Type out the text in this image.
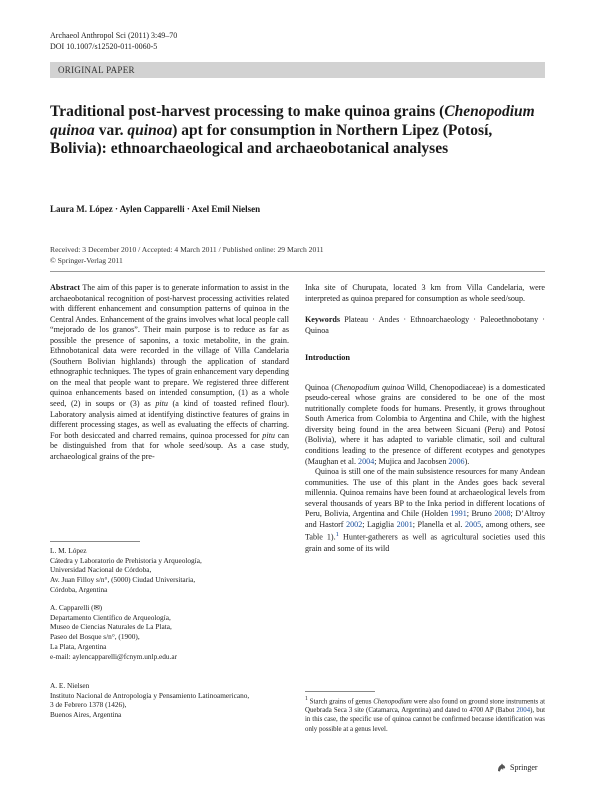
Archaeol Anthropol Sci (2011) 3:49–70
DOI 10.1007/s12520-011-0060-5
ORIGINAL PAPER
Traditional post-harvest processing to make quinoa grains (Chenopodium quinoa var. quinoa) apt for consumption in Northern Lipez (Potosí, Bolivia): ethnoarchaeological and archaeobotanical analyses
Laura M. López · Aylen Capparelli · Axel Emil Nielsen
Received: 3 December 2010 / Accepted: 4 March 2011 / Published online: 29 March 2011
© Springer-Verlag 2011

Abstract The aim of this paper is to generate information to assist in the archaeobotanical recognition of post-harvest processing activities related with different enhancement and consumption patterns of quinoa in the Central Andes. Enhancement of the grains involves what local people call “mejorado de los granos”. Their main purpose is to reduce as far as possible the presence of saponins, a toxic metabolite, in the grain. Ethnobotanical data were recorded in the village of Villa Candelaria (Southern Bolivian highlands) through the application of standard ethnographic techniques. The types of grain enhancement vary depending on the meal that people want to prepare. We registered three different quinoa enhancements based on intended consumption, (1) as a whole seed, (2) in soups or (3) as pitu (a kind of toasted refined flour). Laboratory analysis aimed at identifying distinctive features of grains in different processing stages, as well as evaluating the effects of charring. For both desiccated and charred remains, quinoa processed for pitu can be distinguished from that for whole seed/soup. As a case study, archaeological grains of the pre-

L. M. López

Cátedra y Laboratorio de Prehistoria y Arqueología,

Universidad Nacional de Córdoba,

Av. Juan Filloy s/n°, (5000) Ciudad Universitaria,

Córdoba, Argentina

A. Capparelli (✉)

Departamento Científico de Arqueología,

Museo de Ciencias Naturales de La Plata,

Paseo del Bosque s/n°, (1900),

La Plata, Argentina

e-mail: aylencapparelli@fcnym.unlp.edu.ar

A. E. Nielsen

Instituto Nacional de Antropología y Pensamiento Latinoamericano,

3 de Febrero 1378 (1426),

Buenos Aires, Argentina

Inka site of Churupata, located 3 km from Villa Candelaria, were interpreted as quinoa prepared for consumption as whole seed/soup.

Keywords Plateau · Andes · Ethnoarchaeology · Paleoethnobotany · Quinoa

Introduction

Quinoa (Chenopodium quinoa Willd, Chenopodiaceae) is a domesticated pseudo-cereal whose grains are considered to be one of the most nutritionally complete foods for humans. Presently, it grows throughout South America from Colombia to Argentina and Chile, with the highest diversity being found in the area between Sicuani (Peru) and Potosí (Bolivia), where it has adapted to variable climatic, soil and cultural conditions leading to the presence of different ecotypes and genotypes (Maughan et al. 2004; Mujica and Jacobsen 2006).

Quinoa is still one of the main subsistence resources for many Andean communities. The use of this plant in the Andes goes back several millennia. Quinoa remains have been found at archaeological levels from several thousands of years BP to the Inka period in different locations of Peru, Bolivia, Argentina and Chile (Holden 1991; Bruno 2008; D’Altroy and Hastorf 2002; Lagiglia 2001; Planella et al. 2005, among others, see Table 1).$^1$ Hunter-gatherers as well as agricultural societies used this grain and some of its wild

$^1$ Starch grains of genus Chenopodium were also found on ground stone instruments at Quebrada Seca 3 site (Catamarca, Argentina) and dated to 4700 AP (Babot 2004), but in this case, the specific use of quinoa cannot be confirmed because identification was only possible at a genus level.
Springer
